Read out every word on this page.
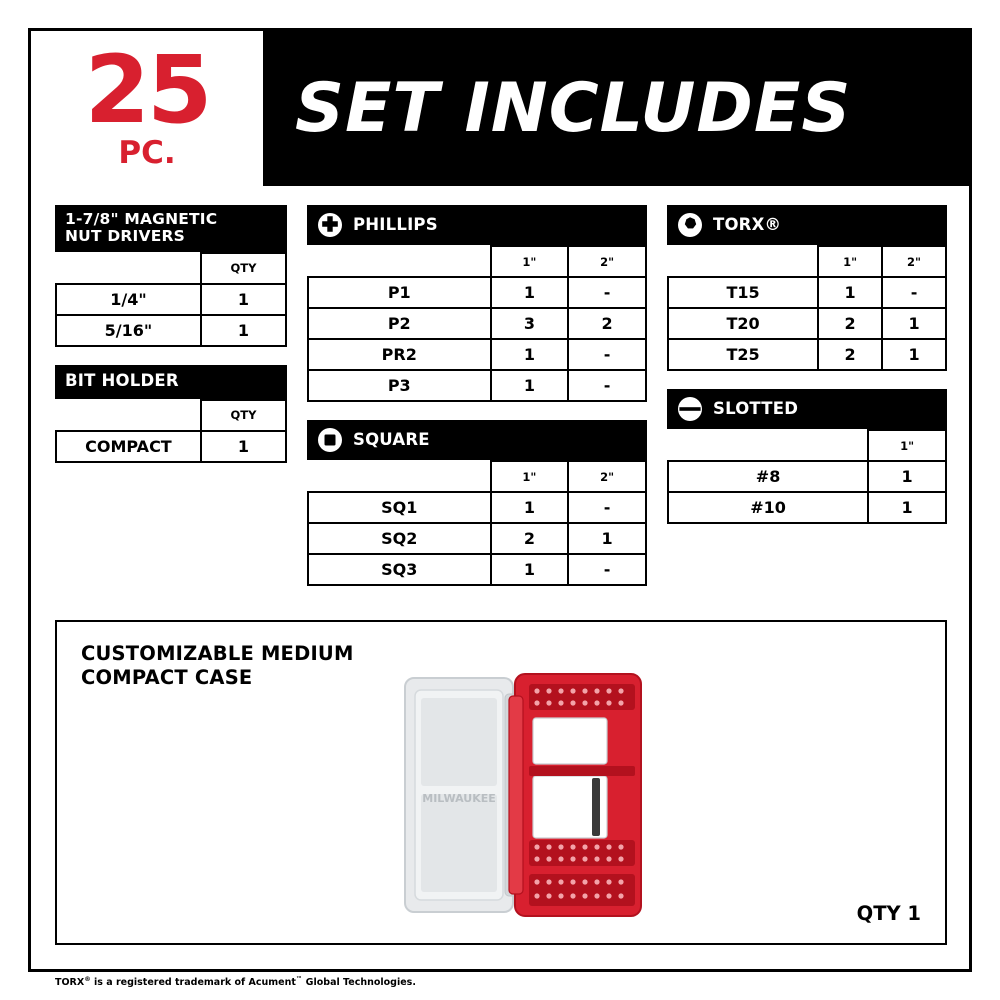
25
PC.
SET INCLUDES
1-7/8" MAGNETIC
NUT DRIVERS
	QTY
1/4"	1
5/16"	1
BIT HOLDER
	QTY
COMPACT	1
PHILLIPS
	1"	2"
P1	1	-
P2	3	2
PR2	1	-
P3	1	-
SQUARE
	1"	2"
SQ1	1	-
SQ2	2	1
SQ3	1	-
TORX®
	1"	2"
T15	1	-
T20	2	1
T25	2	1
SLOTTED
	1"
#8	1
#10	1
CUSTOMIZABLE MEDIUM
COMPACT CASE
MILWAUKEE
QTY 1
TORX® is a registered trademark of Acument™ Global Technologies.
